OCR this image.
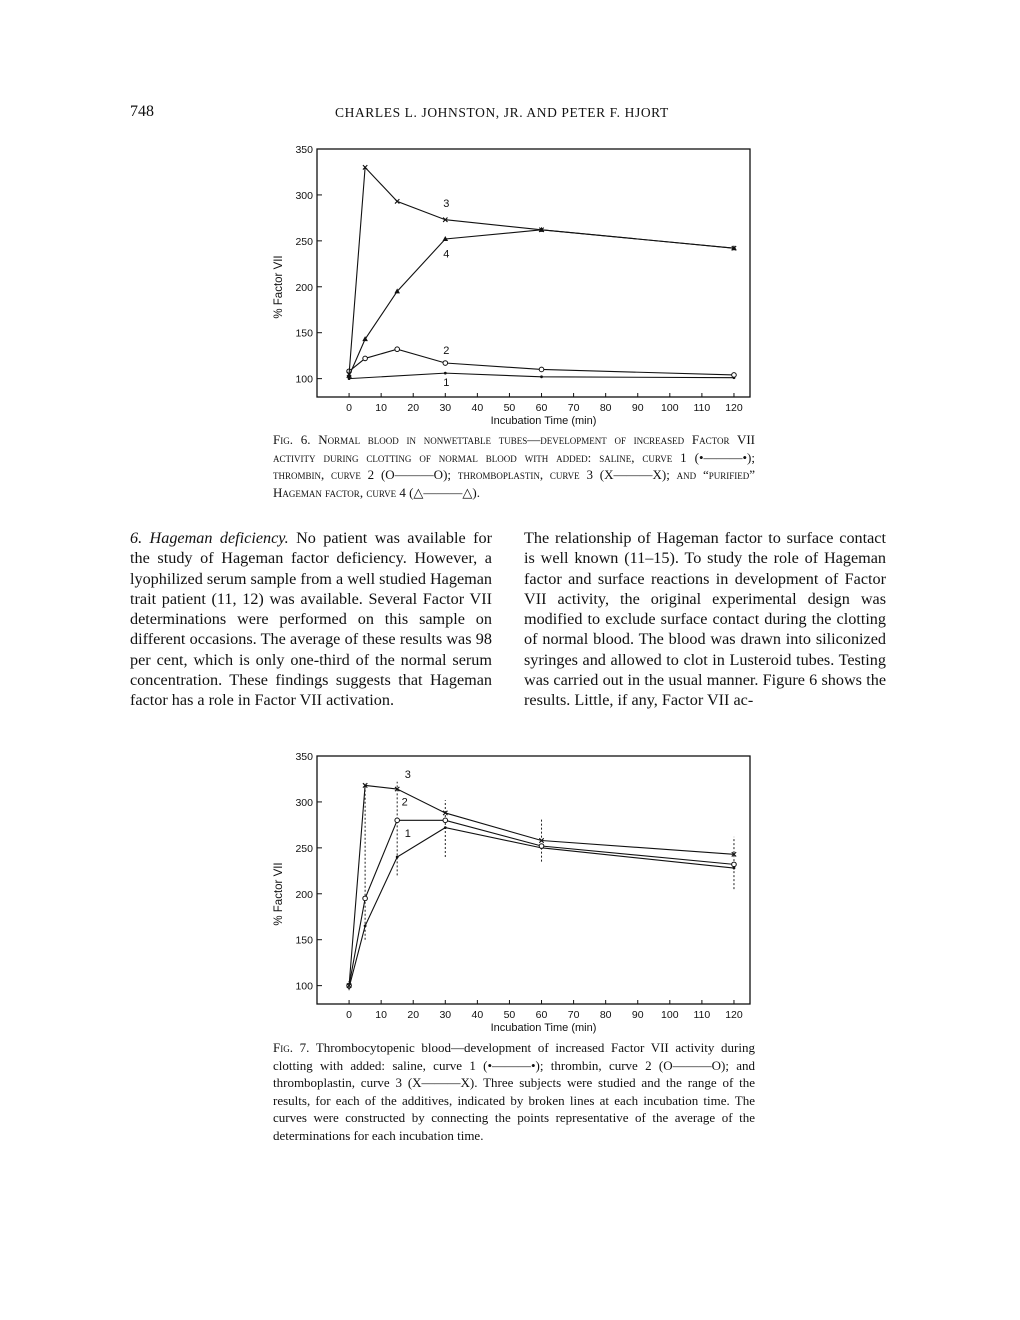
748	CHARLES L. JOHNSTON, JR. AND PETER F. HJORT
100
150
200
250
300
350
0 10 20 30 40 50 60 70 80 90 100 110 120
Incubation Time (min)
% Factor VII
1
2
3
4
Fig. 6. Normal blood in nonwettable tubes—development of increased Factor VII activity during clotting of normal blood with added: saline, curve 1 (•———•); thrombin, curve 2 (O———O); thromboplastin, curve 3 (X———X); and “purified” Hageman factor, curve 4 (△———△).
6. Hageman deficiency. No patient was available for the study of Hageman factor deficiency. However, a lyophilized serum sample from a well studied Hageman trait patient (11, 12) was available. Several Factor VII determinations were performed on this sample on different occasions. The average of these results was 98 per cent, which is only one-third of the normal serum concentration. These findings suggests that Hageman factor has a role in Factor VII activation.
The relationship of Hageman factor to surface contact is well known (11–15). To study the role of Hageman factor and surface reactions in development of Factor VII activity, the original experimental design was modified to exclude surface contact during the clotting of normal blood. The blood was drawn into siliconized syringes and allowed to clot in Lusteroid tubes. Testing was carried out in the usual manner. Figure 6 shows the results. Little, if any, Factor VII ac-
100
150
200
250
300
350
0 10 20 30 40 50 60 70 80 90 100 110 120
Incubation Time (min)
% Factor VII
1
2
3
Fig. 7. Thrombocytopenic blood—development of increased Factor VII activity during clotting with added: saline, curve 1 (•———•); thrombin, curve 2 (O———O); and thromboplastin, curve 3 (X———X). Three subjects were studied and the range of the results, for each of the additives, indicated by broken lines at each incubation time. The curves were constructed by connecting the points representative of the average of the determinations for each incubation time.
